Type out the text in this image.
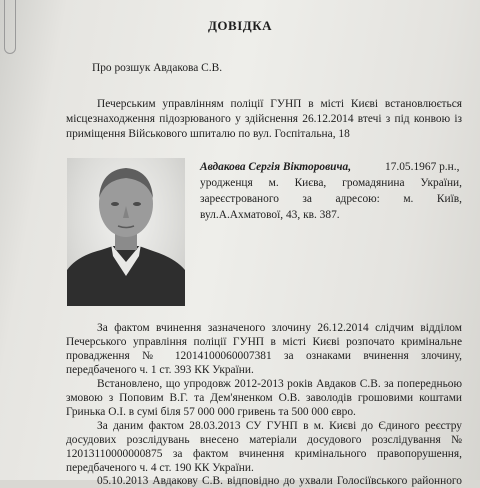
ДОВІДКА
Про розшук Авдакова С.В.
Печерським управлінням поліції ГУНП в місті Києві встановлюється
місцезнаходження підозрюваного у здійснення 26.12.2014 втечі з під конвою із
приміщення Військового шпиталю по вул. Госпітальна, 18
Авдакова Сергія Вікторовича,	17.05.1967 р.н.,
уродженця м. Києва, громадянина України,
зареєстрованого за адресою: м. Київ,
вул.А.Ахматової, 43, кв. 387.
За фактом вчинення зазначеного злочину 26.12.2014 слідчим відділом
Печерського управління поліції ГУНП в місті Києві розпочато кримінальне
провадження № 12014100060007381 за ознаками вчинення злочину,
передбаченого ч. 1 ст. 393 КК України.
Встановлено, що упродовж 2012-2013 років Авдаков С.В. за попередньою
змовою з Поповим В.Г. та Дем'яненком О.В. заволодів грошовими коштами
Гринька О.І. в сумі біля 57 000 000 гривень та 500 000 євро.
За даним фактом 28.03.2013 СУ ГУНП в м. Києві до Єдиного реєстру
досудових розслідувань внесено матеріали досудового розслідування №
12013110000000875 за фактом вчинення кримінального правопорушення,
передбаченого ч. 4 ст. 190 КК України.
05.10.2013 Авдакову С.В. відповідно до ухвали Голосіївського районного
